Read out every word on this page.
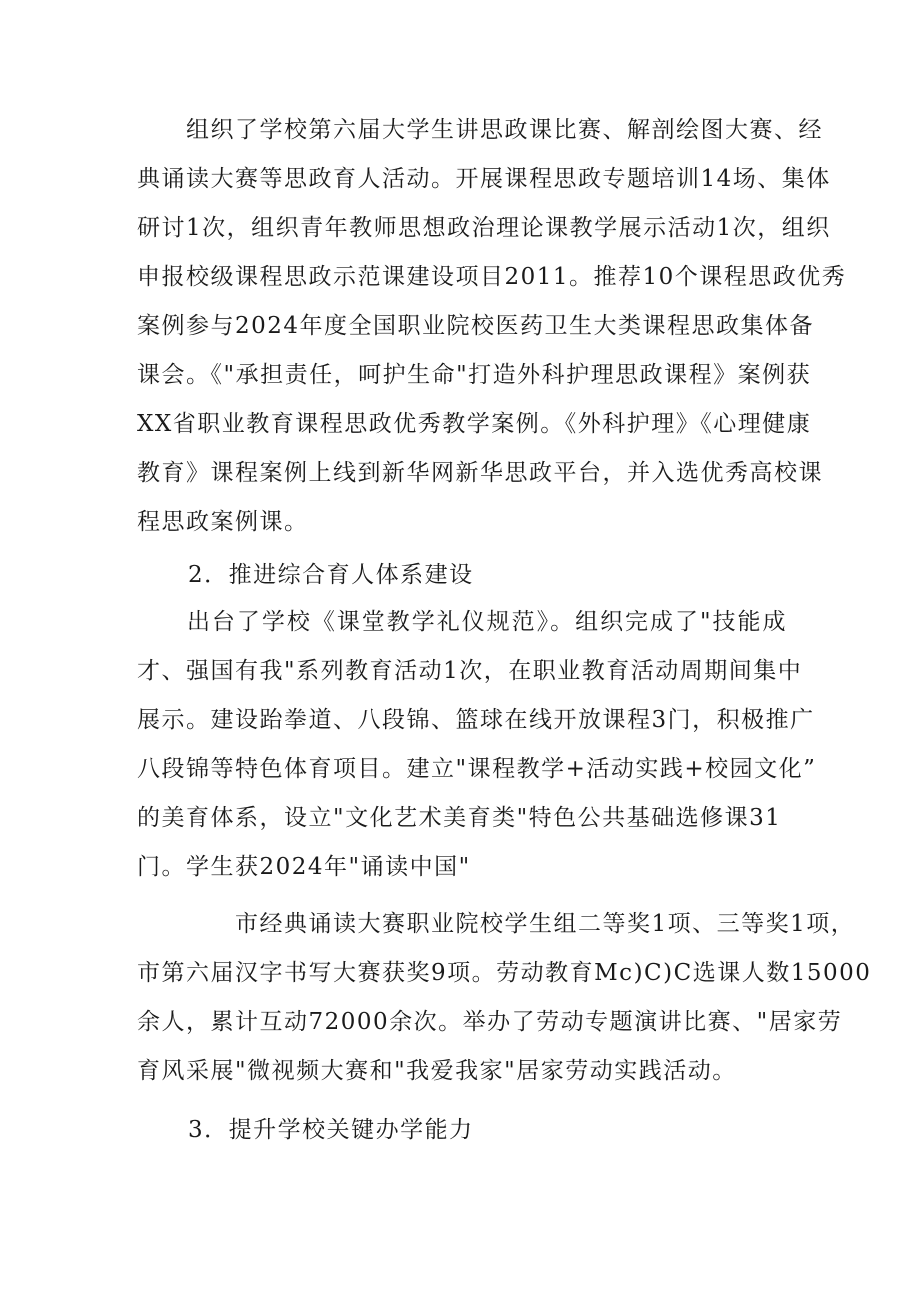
　　组织了学校第六届大学生讲思政课比赛、解剖绘图大赛、经
典诵读大赛等思政育人活动。开展课程思政专题培训14场、集体
研讨1次，组织青年教师思想政治理论课教学展示活动1次，组织
申报校级课程思政示范课建设项目2011。推荐10个课程思政优秀
案例参与2024年度全国职业院校医药卫生大类课程思政集体备
课会。《"承担责任，呵护生命"打造外科护理思政课程》案例获
XX省职业教育课程思政优秀教学案例。《外科护理》《心理健康
教育》课程案例上线到新华网新华思政平台，并入选优秀高校课
程思政案例课。
2．推进综合育人体系建设
　　出台了学校《课堂教学礼仪规范》。组织完成了"技能成
才、强国有我"系列教育活动1次，在职业教育活动周期间集中
展示。建设跆拳道、八段锦、篮球在线开放课程3门，积极推广
八段锦等特色体育项目。建立"课程教学+活动实践+校园文化”
的美育体系，设立"文化艺术美育类"特色公共基础选修课31
门。学生获2024年"诵读中国"
　　　　市经典诵读大赛职业院校学生组二等奖1项、三等奖1项，
市第六届汉字书写大赛获奖9项。劳动教育Mc)C)C选课人数15000
余人，累计互动72000余次。举办了劳动专题演讲比赛、"居家劳
育风采展"微视频大赛和"我爱我家"居家劳动实践活动。
3．提升学校关键办学能力
